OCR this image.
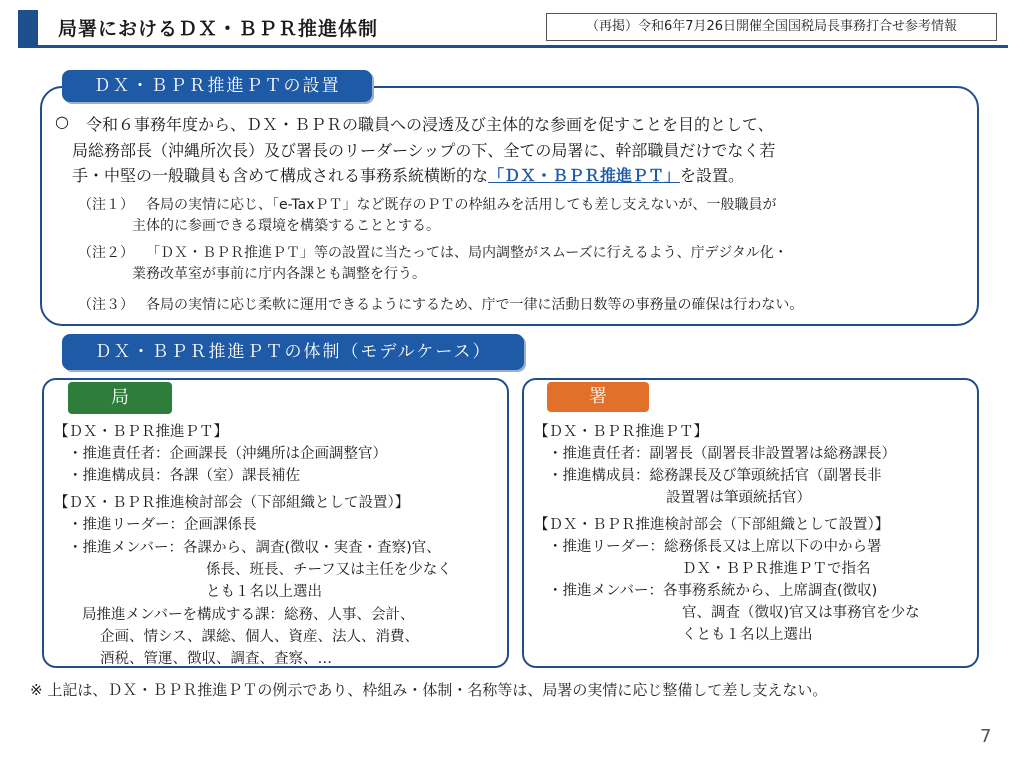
局署におけるＤＸ・ＢＰＲ推進体制	（再掲）令和6年7月26日開催全国国税局長事務打合せ参考情報
ＤＸ・ＢＰＲ推進ＰＴの設置
○ 令和６事務年度から、ＤＸ・ＢＰＲの職員への浸透及び主体的な参画を促すことを目的として、
局総務部長（沖縄所次長）及び署長のリーダーシップの下、全ての局署に、幹部職員だけでなく若
手・中堅の一般職員も含めて構成される事務系統横断的な「ＤＸ・ＢＰＲ推進ＰＴ」を設置。
（注１） 各局の実情に応じ、「e-TaxＰＴ」など既存のＰＴの枠組みを活用しても差し支えないが、一般職員が
主体的に参画できる環境を構築することとする。
（注２） 「ＤＸ・ＢＰＲ推進ＰＴ」等の設置に当たっては、局内調整がスムーズに行えるよう、庁デジタル化・
業務改革室が事前に庁内各課とも調整を行う。
（注３） 各局の実情に応じ柔軟に運用できるようにするため、庁で一律に活動日数等の事務量の確保は行わない。
ＤＸ・ＢＰＲ推進ＰＴの体制（モデルケース）
局
【ＤＸ・ＢＰＲ推進ＰＴ】
・推進責任者：企画課長（沖縄所は企画調整官）
・推進構成員：各課（室）課長補佐
【ＤＸ・ＢＰＲ推進検討部会（下部組織として設置）】
・推進リーダー：企画課係長
・推進メンバー：各課から、調査(徴収・実査・査察)官、
係長、班長、チーフ又は主任を少なく
とも１名以上選出
局推進メンバーを構成する課：総務、人事、会計、
企画、情シス、課総、個人、資産、法人、消費、
酒税、管運、徴収、調査、査察、…
署
【ＤＸ・ＢＰＲ推進ＰＴ】
・推進責任者：副署長（副署長非設置署は総務課長）
・推進構成員：総務課長及び筆頭統括官（副署長非
設置署は筆頭統括官）
【ＤＸ・ＢＰＲ推進検討部会（下部組織として設置）】
・推進リーダー：総務係長又は上席以下の中から署
ＤＸ・ＢＰＲ推進ＰＴで指名
・推進メンバー：各事務系統から、上席調査(徴収)
官、調査（徴収)官又は事務官を少な
くとも１名以上選出
※ 上記は、ＤＸ・ＢＰＲ推進ＰＴの例示であり、枠組み・体制・名称等は、局署の実情に応じ整備して差し支えない。
7
